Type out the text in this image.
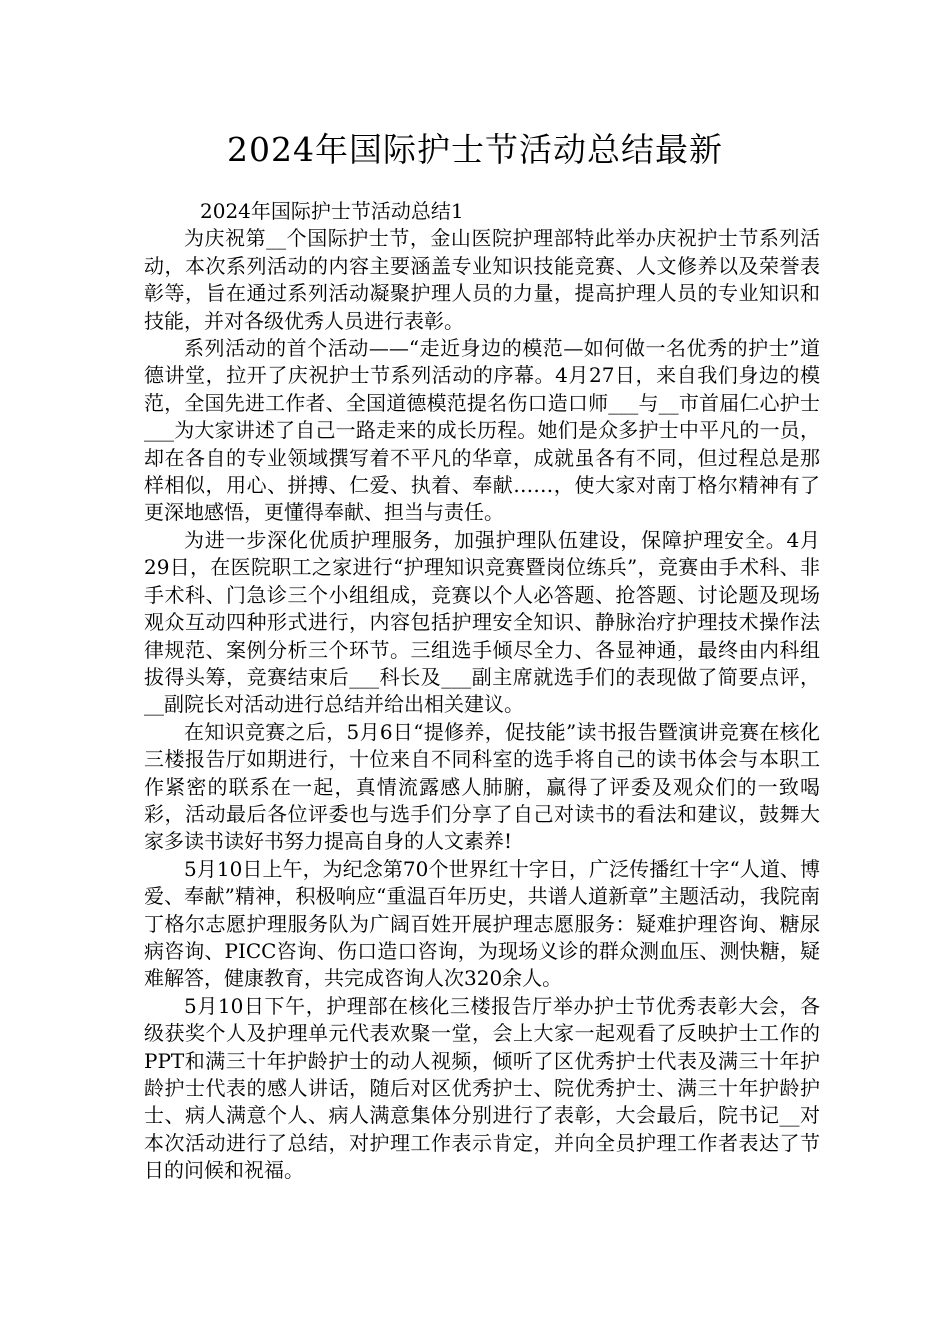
2024年国际护士节活动总结最新

2024年国际护士节活动总结1

为庆祝第__个国际护士节，金山医院护理部特此举办庆祝护士节系列活动，本次系列活动的内容主要涵盖专业知识技能竞赛、人文修养以及荣誉表彰等，旨在通过系列活动凝聚护理人员的力量，提高护理人员的专业知识和技能，并对各级优秀人员进行表彰。

系列活动的首个活动——“走近身边的模范—如何做一名优秀的护士”道德讲堂，拉开了庆祝护士节系列活动的序幕。4月27日，来自我们身边的模范，全国先进工作者、全国道德模范提名伤口造口师___与__市首届仁心护士___为大家讲述了自己一路走来的成长历程。她们是众多护士中平凡的一员，却在各自的专业领域撰写着不平凡的华章，成就虽各有不同，但过程总是那样相似，用心、拼搏、仁爱、执着、奉献……，使大家对南丁格尔精神有了更深地感悟，更懂得奉献、担当与责任。

为进一步深化优质护理服务，加强护理队伍建设，保障护理安全。4月29日，在医院职工之家进行“护理知识竞赛暨岗位练兵”，竞赛由手术科、非手术科、门急诊三个小组组成，竞赛以个人必答题、抢答题、讨论题及现场观众互动四种形式进行，内容包括护理安全知识、静脉治疗护理技术操作法律规范、案例分析三个环节。三组选手倾尽全力、各显神通，最终由内科组拔得头筹，竞赛结束后___科长及___副主席就选手们的表现做了简要点评，__副院长对活动进行总结并给出相关建议。

在知识竞赛之后，5月6日“提修养，促技能”读书报告暨演讲竞赛在核化三楼报告厅如期进行，十位来自不同科室的选手将自己的读书体会与本职工作紧密的联系在一起，真情流露感人肺腑，赢得了评委及观众们的一致喝彩，活动最后各位评委也与选手们分享了自己对读书的看法和建议，鼓舞大家多读书读好书努力提高自身的人文素养!

5月10日上午，为纪念第70个世界红十字日，广泛传播红十字“人道、博爱、奉献”精神，积极响应“重温百年历史，共谱人道新章”主题活动，我院南丁格尔志愿护理服务队为广阔百姓开展护理志愿服务：疑难护理咨询、糖尿病咨询、PICC咨询、伤口造口咨询，为现场义诊的群众测血压、测快糖，疑难解答，健康教育，共完成咨询人次320余人。

5月10日下午，护理部在核化三楼报告厅举办护士节优秀表彰大会，各级获奖个人及护理单元代表欢聚一堂，会上大家一起观看了反映护士工作的PPT和满三十年护龄护士的动人视频，倾听了区优秀护士代表及满三十年护龄护士代表的感人讲话，随后对区优秀护士、院优秀护士、满三十年护龄护士、病人满意个人、病人满意集体分别进行了表彰，大会最后，院书记__对本次活动进行了总结，对护理工作表示肯定，并向全员护理工作者表达了节日的问候和祝福。
